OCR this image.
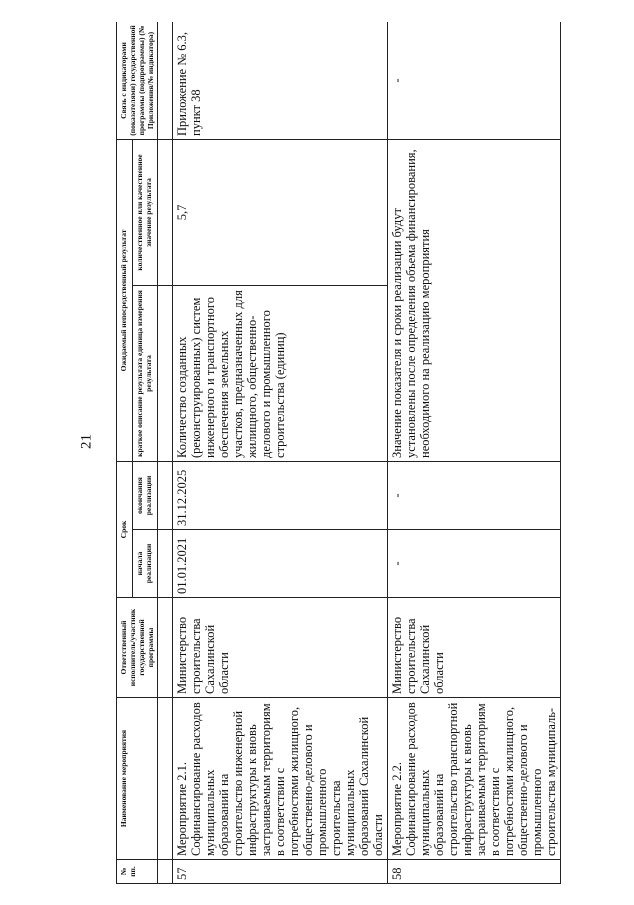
21
№ пп.	Наименование мероприятия	Ответственный исполнитель/участник государственной программы	Срок		Ожидаемый непосредственный результат		Связь с индикаторами (показателями) государственной программы (подпрограммы) (№ Приложения/№ индикатора)
			начала реализации	окончания реализации	краткое описание результата единица измерения результата	количественное или качественное значение результата	

57	Мероприятие 2.1. Софинансирование расходов муниципальных образований на строительство инженерной инфраструктуры к вновь застраиваемым территориям в соответствии с потребностями жилищного, общественно-делового и промышленного строительства муниципальных образований Сахалинской области	Министерство строительства Сахалинской области	01.01.2021	31.12.2025	Количество созданных (реконструированных) систем инженерного и транспортного обеспечения земельных участков, предназначенных для жилищного, общественно-делового и промышленного строительства (единиц)	5,7	Приложение № 6.3, пункт 38
58	Мероприятие 2.2. Софинансирование расходов муниципальных образований на строительство транспортной инфраструктуры к вновь застраиваемым территориям в соответствии с потребностями жилищного, общественно-делового и промышленного строительства муниципаль-	Министерство строительства Сахалинской области	-	-	Значение показателя и сроки реализации будут установлены после определения объема финансирования, необходимого на реализацию мероприятия		-
